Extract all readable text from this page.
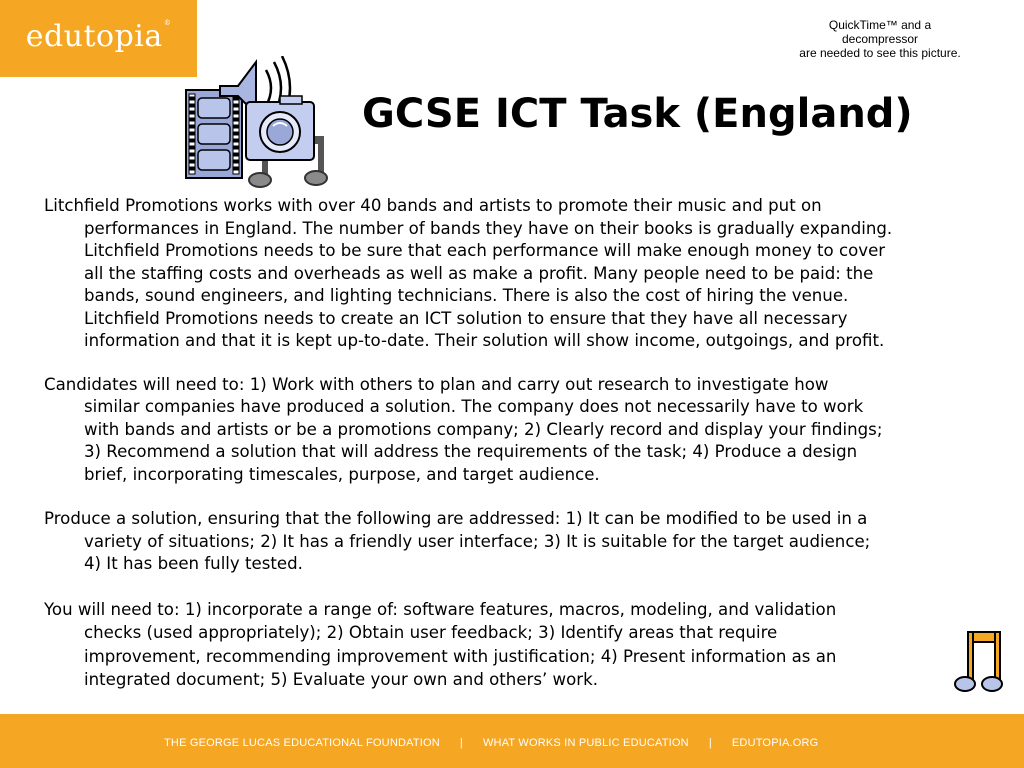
edutopia®	QuickTime™ and a
decompressor
are needed to see this picture.
GCSE ICT Task (England)

Litchfield Promotions works with over 40 bands and artists to promote their music and put on
performances in England. The number of bands they have on their books is gradually expanding.
Litchfield Promotions needs to be sure that each performance will make enough money to cover
all the staffing costs and overheads as well as make a profit. Many people need to be paid: the
bands, sound engineers, and lighting technicians. There is also the cost of hiring the venue.
Litchfield Promotions needs to create an ICT solution to ensure that they have all necessary
information and that it is kept up-to-date. Their solution will show income, outgoings, and profit.

Candidates will need to: 1) Work with others to plan and carry out research to investigate how
similar companies have produced a solution. The company does not necessarily have to work
with bands and artists or be a promotions company; 2) Clearly record and display your findings;
3) Recommend a solution that will address the requirements of the task; 4) Produce a design
brief, incorporating timescales, purpose, and target audience.

Produce a solution, ensuring that the following are addressed: 1) It can be modified to be used in a
variety of situations; 2) It has a friendly user interface; 3) It is suitable for the target audience;
4) It has been fully tested.

You will need to: 1) incorporate a range of: software features, macros, modeling, and validation
checks (used appropriately); 2) Obtain user feedback; 3) Identify areas that require
improvement, recommending improvement with justification; 4) Present information as an
integrated document; 5) Evaluate your own and others’ work.

THE GEORGE LUCAS EDUCATIONAL FOUNDATION | WHAT WORKS IN PUBLIC EDUCATION | EDUTOPIA.ORG
